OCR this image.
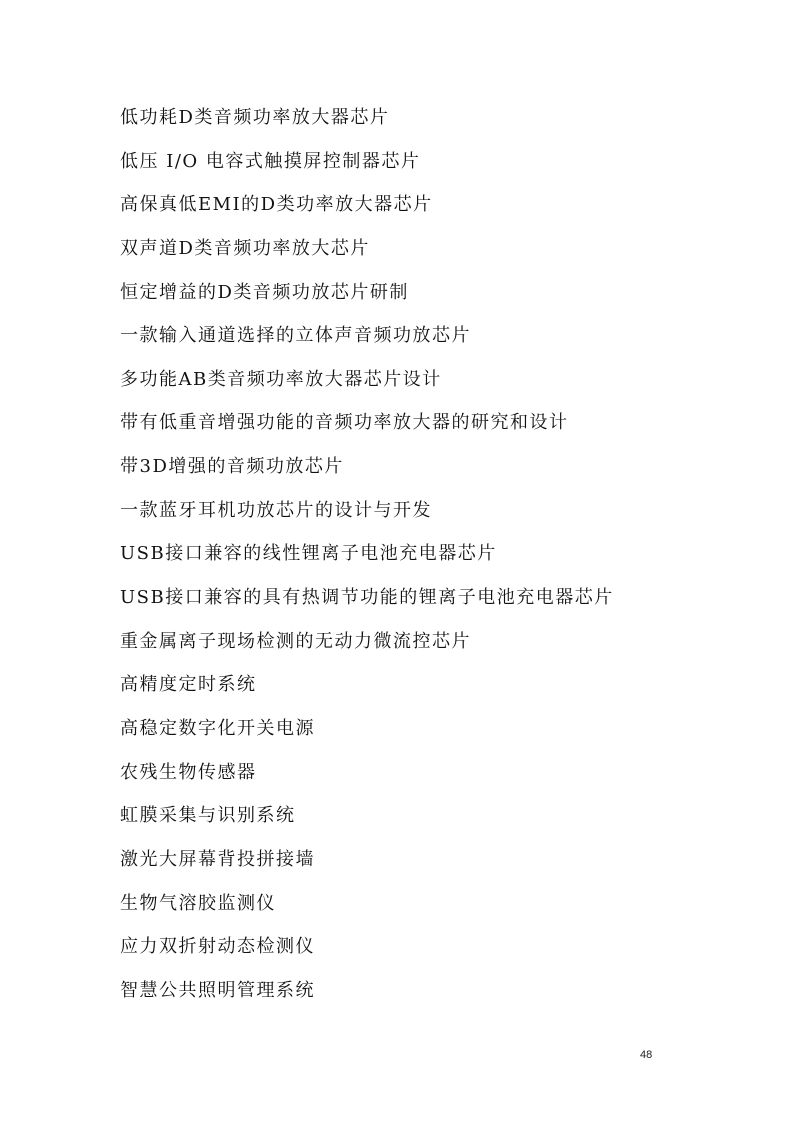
低功耗D类音频功率放大器芯片
低压 I/O 电容式触摸屏控制器芯片
高保真低EMI的D类功率放大器芯片
双声道D类音频功率放大芯片
恒定增益的D类音频功放芯片研制
一款输入通道选择的立体声音频功放芯片
多功能AB类音频功率放大器芯片设计
带有低重音增强功能的音频功率放大器的研究和设计
带3D增强的音频功放芯片
一款蓝牙耳机功放芯片的设计与开发
USB接口兼容的线性锂离子电池充电器芯片
USB接口兼容的具有热调节功能的锂离子电池充电器芯片
重金属离子现场检测的无动力微流控芯片
高精度定时系统
高稳定数字化开关电源
农残生物传感器
虹膜采集与识别系统
激光大屏幕背投拼接墙
生物气溶胶监测仪
应力双折射动态检测仪
智慧公共照明管理系统
48
